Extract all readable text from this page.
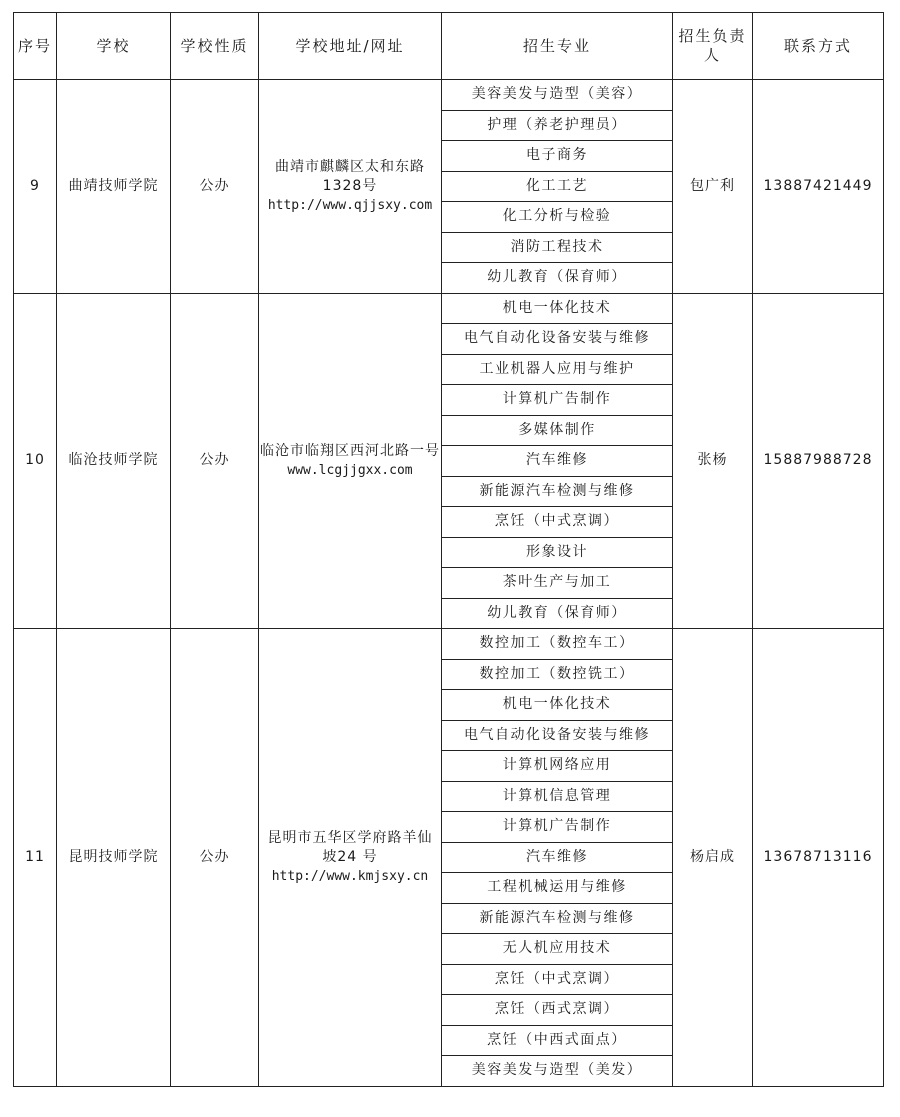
序号	学校	学校性质	学校地址/网址	招生专业	招生负责人	联系方式
9	曲靖技师学院	公办	曲靖市麒麟区太和东路
1328号
http://www.qjjsxy.com	美容美发与造型（美容）	包广利	13887421449
				护理（养老护理员）		
				电子商务		
				化工工艺		
				化工分析与检验		
				消防工程技术		
				幼儿教育（保育师）		
10	临沧技师学院	公办	临沧市临翔区西河北路一号
www.lcgjjgxx.com	机电一体化技术	张杨	15887988728
				电气自动化设备安装与维修		
				工业机器人应用与维护		
				计算机广告制作		
				多媒体制作		
				汽车维修		
				新能源汽车检测与维修		
				烹饪（中式烹调）		
				形象设计		
				茶叶生产与加工		
				幼儿教育（保育师）		
11	昆明技师学院	公办	昆明市五华区学府路羊仙
坡24 号
http://www.kmjsxy.cn	数控加工（数控车工）	杨启成	13678713116
				数控加工（数控铣工）		
				机电一体化技术		
				电气自动化设备安装与维修		
				计算机网络应用		
				计算机信息管理		
				计算机广告制作		
				汽车维修		
				工程机械运用与维修		
				新能源汽车检测与维修		
				无人机应用技术		
				烹饪（中式烹调）		
				烹饪（西式烹调）		
				烹饪（中西式面点）		
				美容美发与造型（美发）		
